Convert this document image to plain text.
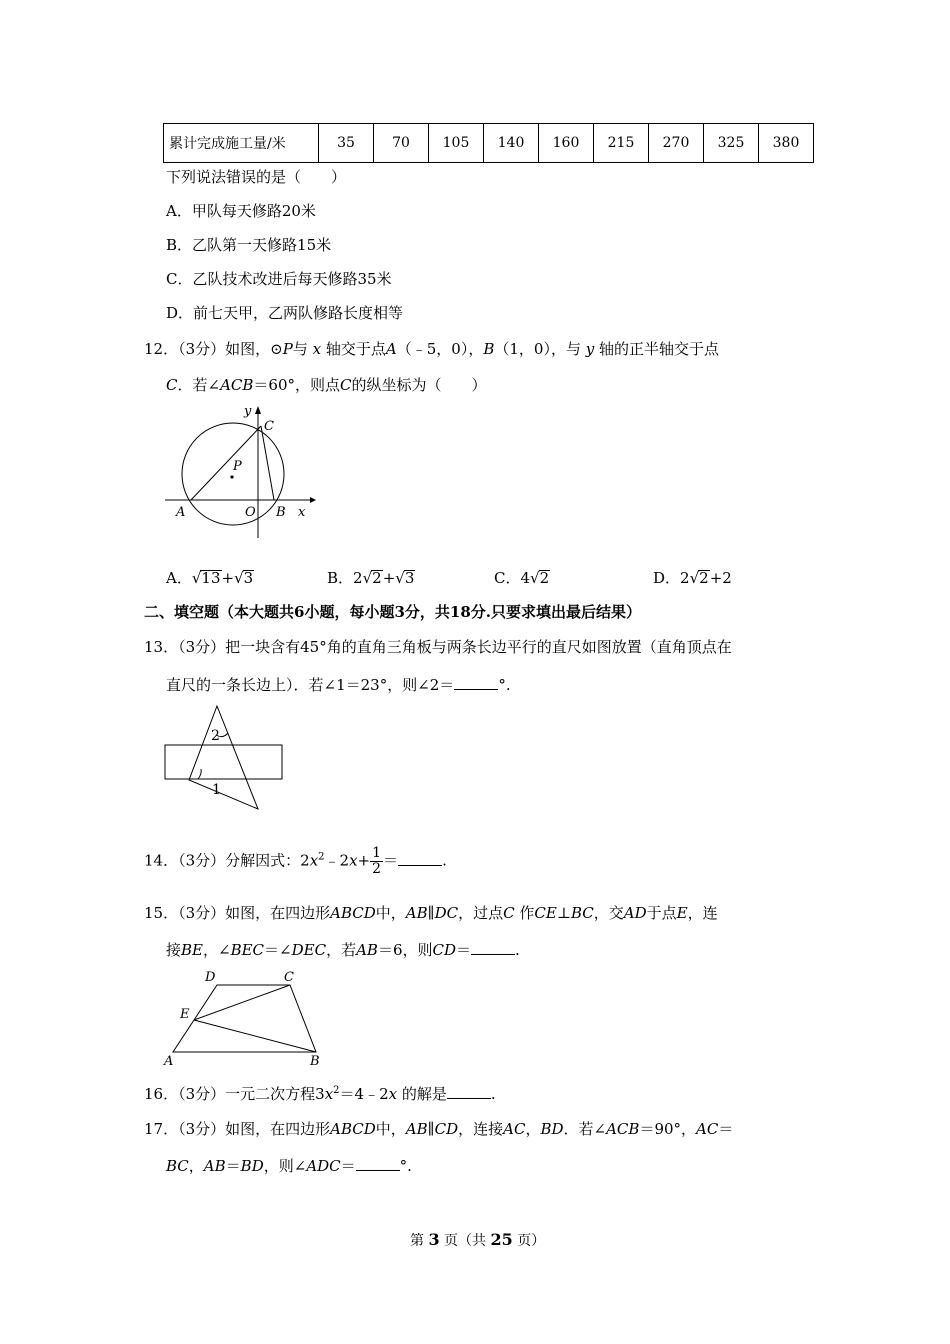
累计完成施工量/米	35	70	105	140	160	215	270	325	380
下列说法错误的是（　　）
A．甲队每天修路20米
B．乙队第一天修路15米
C．乙队技术改进后每天修路35米
D．前七天甲，乙两队修路长度相等
12．（3分）如图，⊙P与 x 轴交于点A（﹣5，0），B（1，0），与 y 轴的正半轴交于点
C．若∠ACB＝60°，则点C的纵坐标为（　　）
y
C
P
A	O B x
A．√13+√3	B．2√2+√3	C．4√2	D．2√2+2
二、填空题（本大题共6小题，每小题3分，共18分.只要求填出最后结果）
13．（3分）把一块含有45°角的直角三角板与两条长边平行的直尺如图放置（直角顶点在
直尺的一条长边上）．若∠1＝23°，则∠2＝	°.
2
1
14．（3分）分解因式：$2x^2﹣2x+ \frac{1}{2}$ ＝	.
15．（3分）如图，在四边形ABCD中，AB∥DC，过点C 作CE⊥BC，交AD于点E，连
接BE，∠BEC＝∠DEC，若AB＝6，则CD＝	.
D	C
E
A	B
16．（3分）一元二次方程$3x^2=4﹣2x$ 的解是	.
17．（3分）如图，在四边形ABCD中，AB∥CD，连接AC，BD．若∠ACB＝90°，AC＝
BC，AB＝BD，则∠ADC＝	°.
第 3 页（共 25 页）
